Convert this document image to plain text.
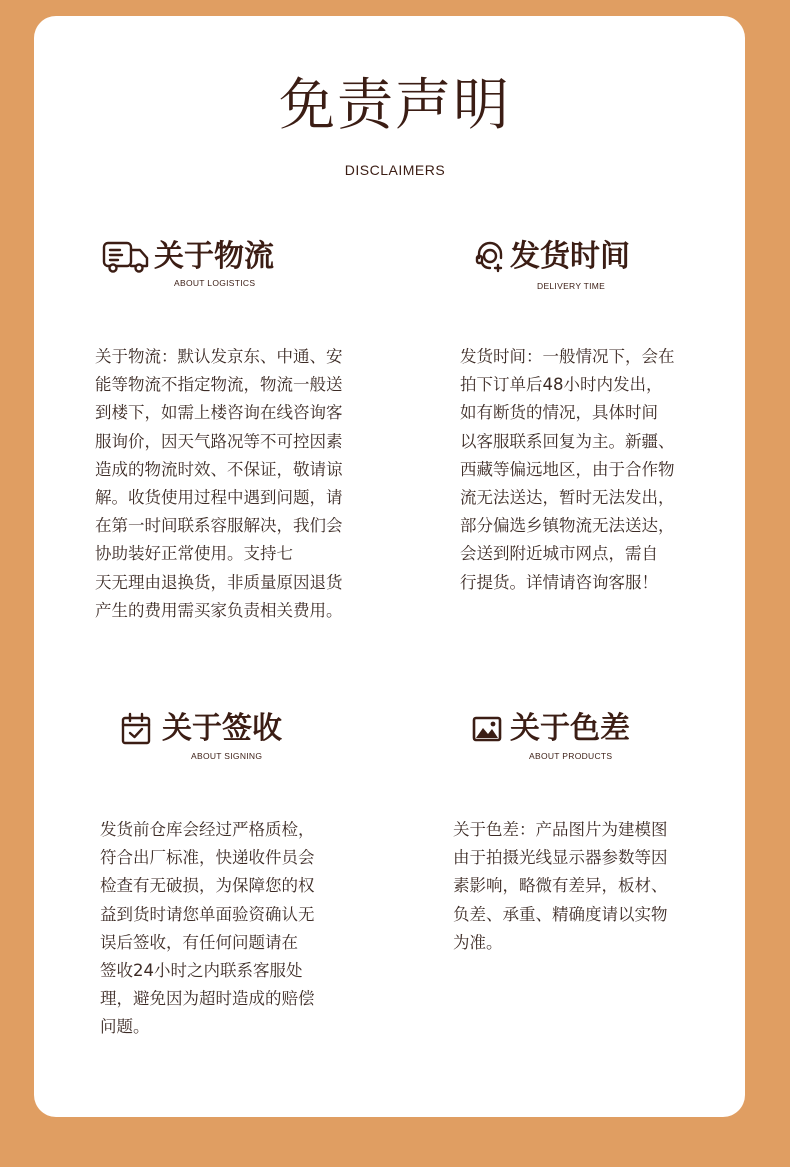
免责声明
DISCLAIMERS
关于物流
ABOUT LOGISTICS
关于物流：默认发京东、中通、安
能等物流不指定物流，物流一般送
到楼下，如需上楼咨询在线咨询客
服询价，因天气路况等不可控因素
造成的物流时效、不保证，敬请谅
解。收货使用过程中遇到问题，请
在第一时间联系容服解决，我们会
协助装好正常使用。支持七
天无理由退换货，非质量原因退货
产生的费用需买家负责相关费用。
发货时间
DELIVERY TIME
发货时间：一般情况下，会在
拍下订单后48小时内发出，
如有断货的情况，具体时间
以客服联系回复为主。新疆、
西藏等偏远地区，由于合作物
流无法送达，暂时无法发出，
部分偏选乡镇物流无法送达，
会送到附近城市网点，需自
行提货。详情请咨询客服！
关于签收
ABOUT SIGNING
发货前仓库会经过严格质检，
符合出厂标准，快递收件员会
检查有无破损，为保障您的权
益到货时请您单面验资确认无
误后签收，有任何问题请在
签收24小时之内联系客服处
理，避免因为超时造成的赔偿
问题。
关于色差
ABOUT PRODUCTS
关于色差：产品图片为建模图
由于拍摄光线显示器参数等因
素影响，略微有差异，板材、
负差、承重、精确度请以实物
为准。
